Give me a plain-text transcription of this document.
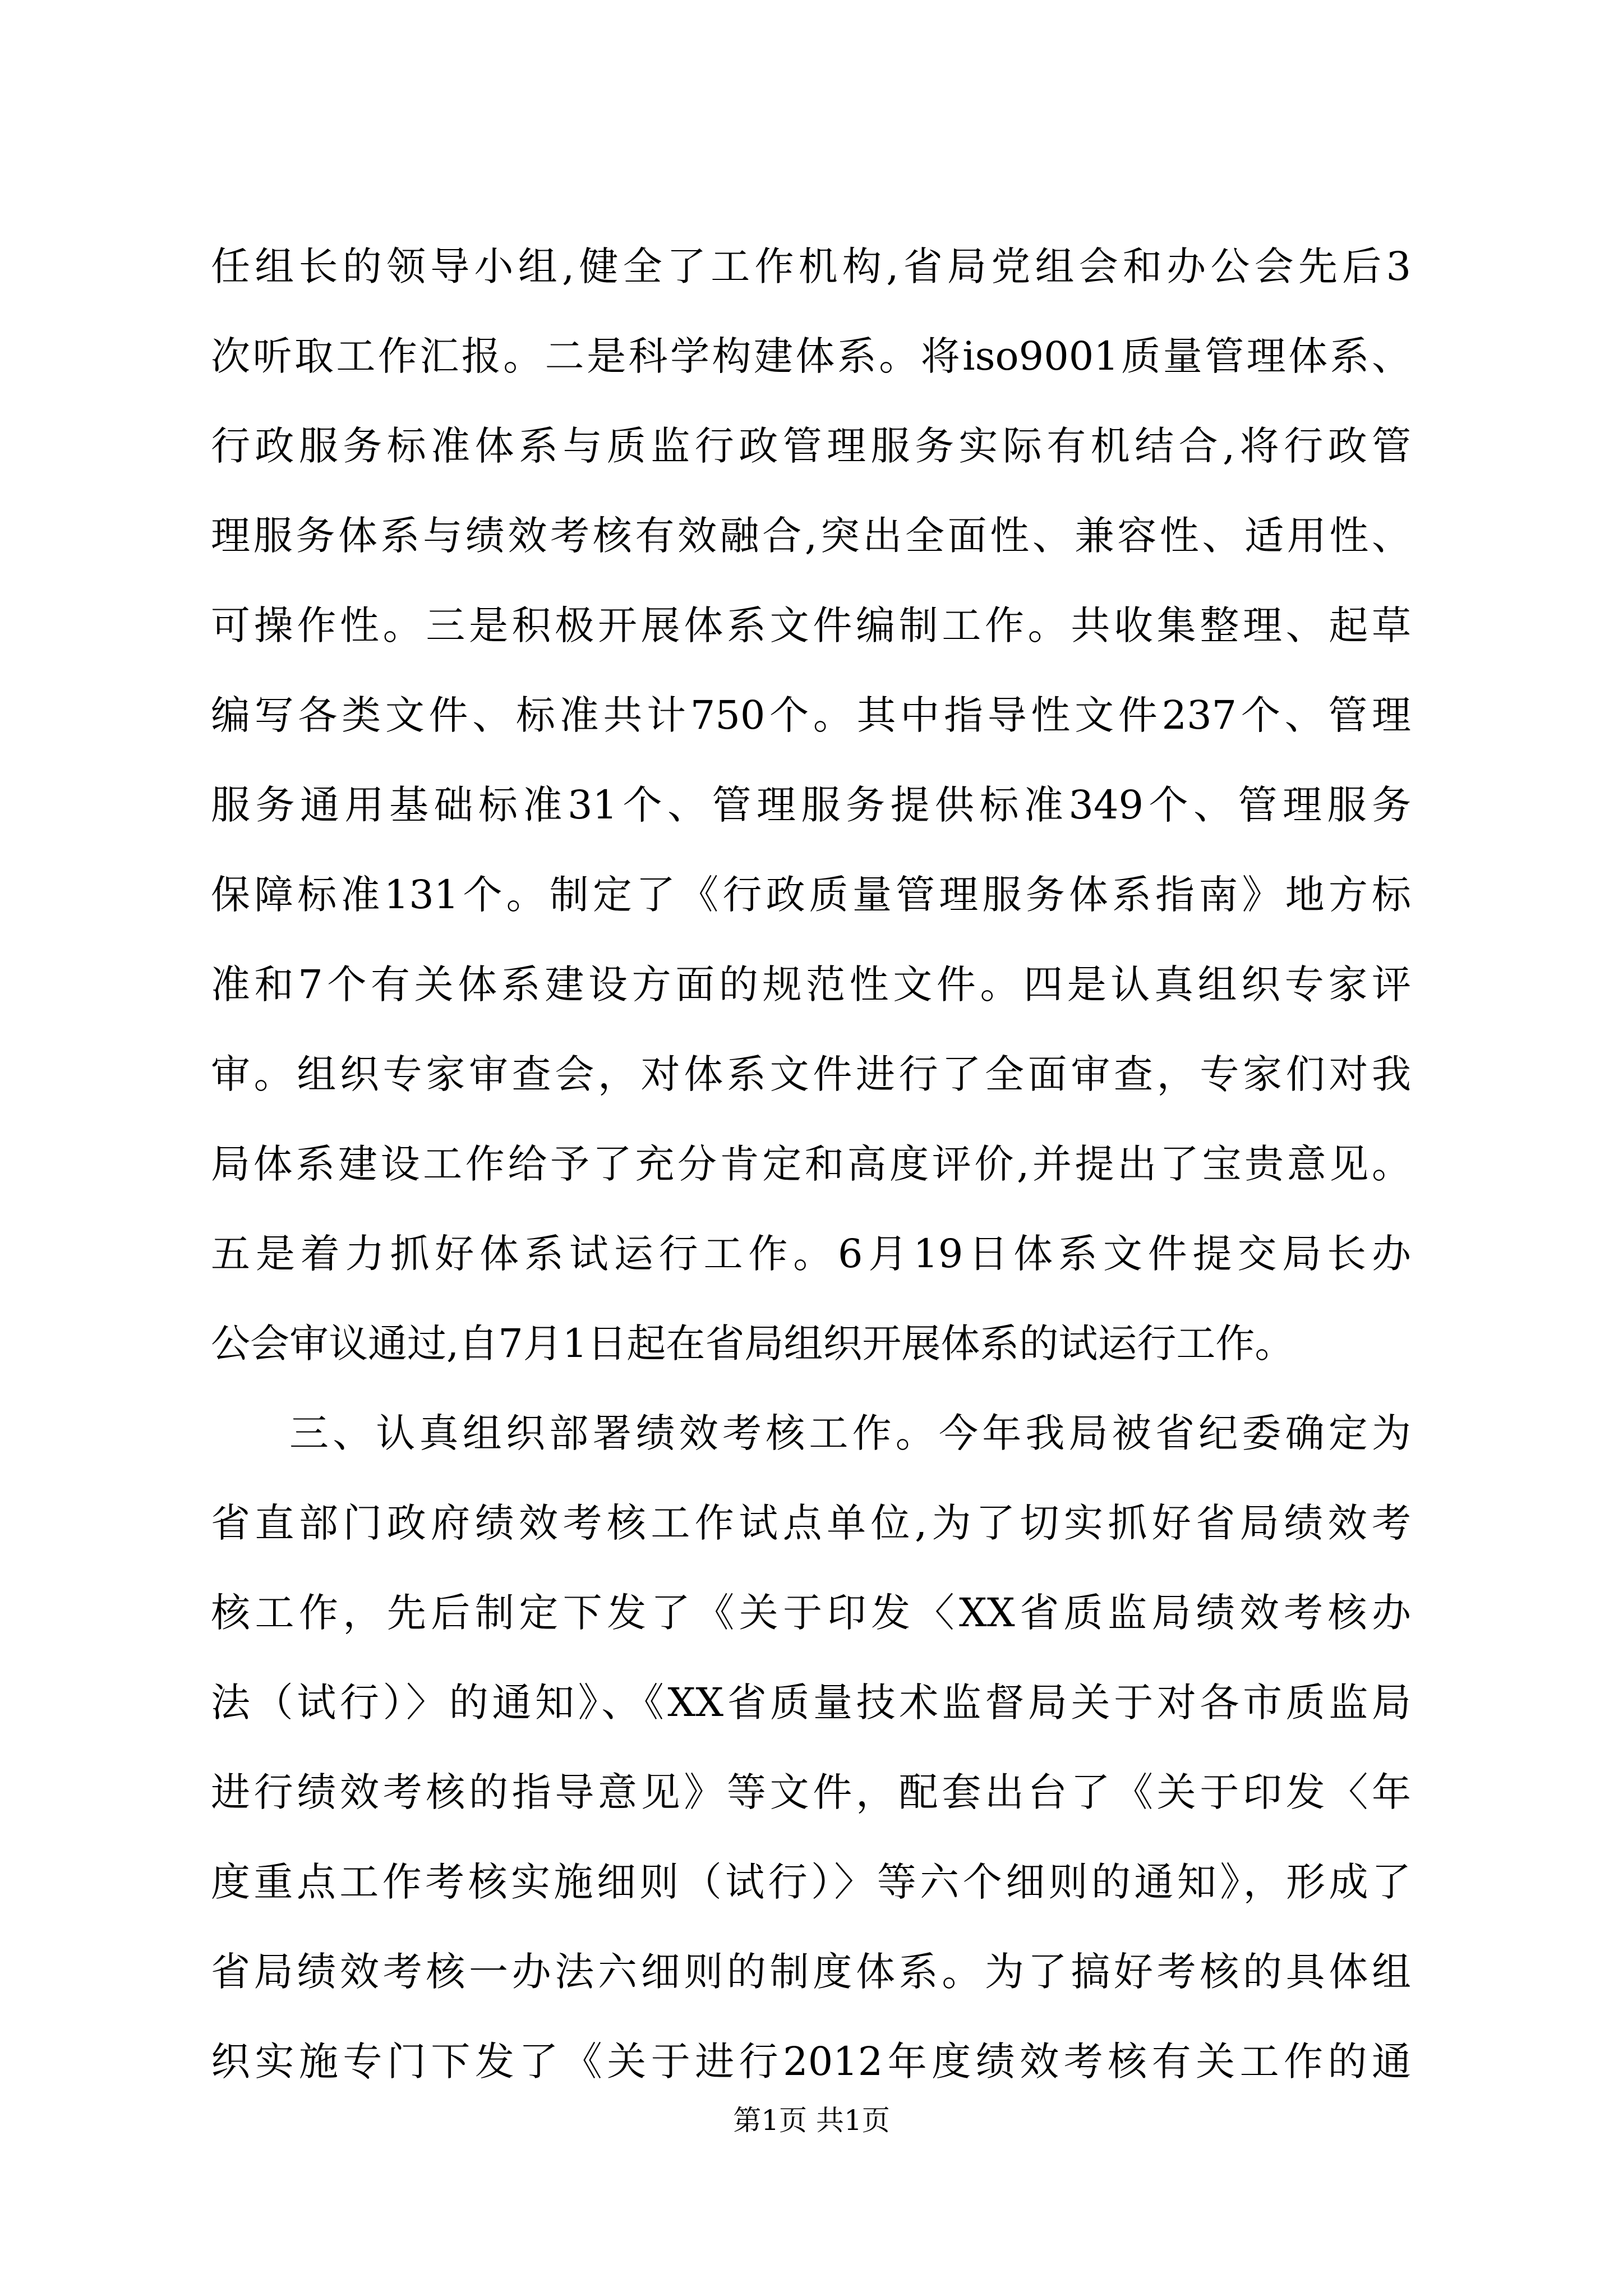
任组长的领导小组,健全了工作机构,省局党组会和办公会先后3
次听取工作汇报。二是科学构建体系。将iso9001质量管理体系、
行政服务标准体系与质监行政管理服务实际有机结合,将行政管
理服务体系与绩效考核有效融合,突出全面性、兼容性、适用性、
可操作性。三是积极开展体系文件编制工作。共收集整理、起草
编写各类文件、标准共计750个。其中指导性文件237个、管理
服务通用基础标准31个、管理服务提供标准349个、管理服务
保障标准131个。制定了《行政质量管理服务体系指南》地方标
准和7个有关体系建设方面的规范性文件。四是认真组织专家评
审。组织专家审查会，对体系文件进行了全面审查，专家们对我
局体系建设工作给予了充分肯定和高度评价,并提出了宝贵意见。
五是着力抓好体系试运行工作。6月19日体系文件提交局长办
公会审议通过,自7月1日起在省局组织开展体系的试运行工作。
三、认真组织部署绩效考核工作。今年我局被省纪委确定为
省直部门政府绩效考核工作试点单位,为了切实抓好省局绩效考
核工作，先后制定下发了《关于印发〈XX省质监局绩效考核办
法（试行）〉的通知》、《XX省质量技术监督局关于对各市质监局
进行绩效考核的指导意见》等文件，配套出台了《关于印发〈年
度重点工作考核实施细则（试行）〉等六个细则的通知》，形成了
省局绩效考核一办法六细则的制度体系。为了搞好考核的具体组
织实施专门下发了《关于进行2012年度绩效考核有关工作的通
第1页 共1页
